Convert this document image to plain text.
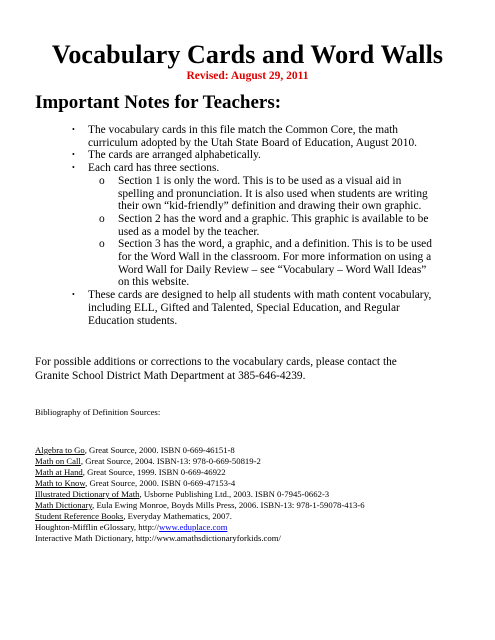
Vocabulary Cards and Word Walls
Revised: August 29, 2011
Important Notes for Teachers:
• The vocabulary cards in this file match the Common Core, the math
curriculum adopted by the Utah State Board of Education, August 2010.
• The cards are arranged alphabetically.
• Each card has three sections.
o Section 1 is only the word. This is to be used as a visual aid in
spelling and pronunciation. It is also used when students are writing
their own “kid-friendly” definition and drawing their own graphic.
o Section 2 has the word and a graphic. This graphic is available to be
used as a model by the teacher.
o Section 3 has the word, a graphic, and a definition. This is to be used
for the Word Wall in the classroom. For more information on using a
Word Wall for Daily Review – see “Vocabulary – Word Wall Ideas”
on this website.
• These cards are designed to help all students with math content vocabulary,
including ELL, Gifted and Talented, Special Education, and Regular
Education students.
For possible additions or corrections to the vocabulary cards, please contact the
Granite School District Math Department at 385-646-4239.
Bibliography of Definition Sources:
Algebra to Go, Great Source, 2000. ISBN 0-669-46151-8
Math on Call, Great Source, 2004. ISBN-13: 978-0-669-50819-2
Math at Hand, Great Source, 1999. ISBN 0-669-46922
Math to Know, Great Source, 2000. ISBN 0-669-47153-4
Illustrated Dictionary of Math, Usborne Publishing Ltd., 2003. ISBN 0-7945-0662-3
Math Dictionary, Eula Ewing Monroe, Boyds Mills Press, 2006. ISBN-13: 978-1-59078-413-6
Student Reference Books, Everyday Mathematics, 2007.
Houghton-Mifflin eGlossary, http://www.eduplace.com
Interactive Math Dictionary, http://www.amathsdictionaryforkids.com/
